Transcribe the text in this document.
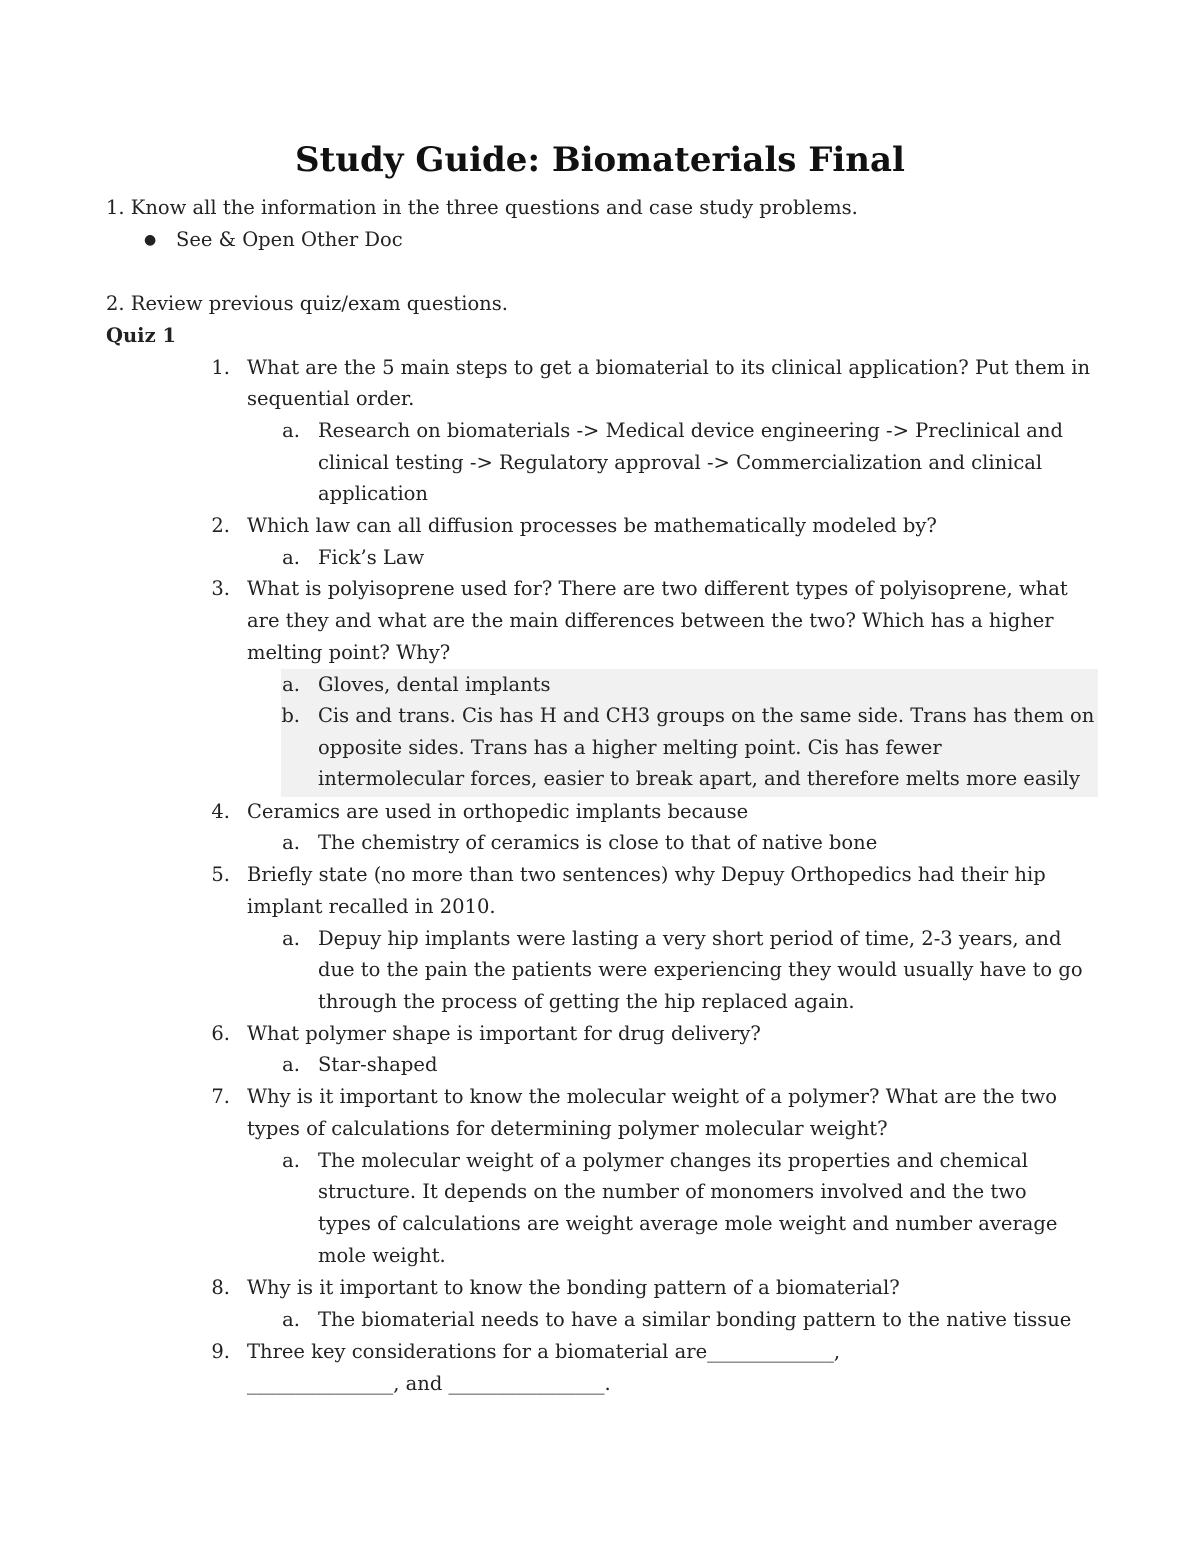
Study Guide: Biomaterials Final
1. Know all the information in the three questions and case study problems.
● See & Open Other Doc
2. Review previous quiz/exam questions.
Quiz 1
1. What are the 5 main steps to get a biomaterial to its clinical application? Put them in
sequential order.
a. Research on biomaterials -> Medical device engineering -> Preclinical and
clinical testing -> Regulatory approval -> Commercialization and clinical
application
2. Which law can all diffusion processes be mathematically modeled by?
a. Fick’s Law
3. What is polyisoprene used for? There are two different types of polyisoprene, what
are they and what are the main differences between the two? Which has a higher
melting point? Why?
a. Gloves, dental implants
b. Cis and trans. Cis has H and CH3 groups on the same side. Trans has them on
opposite sides. Trans has a higher melting point. Cis has fewer
intermolecular forces, easier to break apart, and therefore melts more easily
4. Ceramics are used in orthopedic implants because
a. The chemistry of ceramics is close to that of native bone
5. Briefly state (no more than two sentences) why Depuy Orthopedics had their hip
implant recalled in 2010.
a. Depuy hip implants were lasting a very short period of time, 2-3 years, and
due to the pain the patients were experiencing they would usually have to go
through the process of getting the hip replaced again.
6. What polymer shape is important for drug delivery?
a. Star-shaped
7. Why is it important to know the molecular weight of a polymer? What are the two
types of calculations for determining polymer molecular weight?
a. The molecular weight of a polymer changes its properties and chemical
structure. It depends on the number of monomers involved and the two
types of calculations are weight average mole weight and number average
mole weight.
8. Why is it important to know the bonding pattern of a biomaterial?
a. The biomaterial needs to have a similar bonding pattern to the native tissue
9. Three key considerations for a biomaterial are_____________,
_______________, and ________________.
